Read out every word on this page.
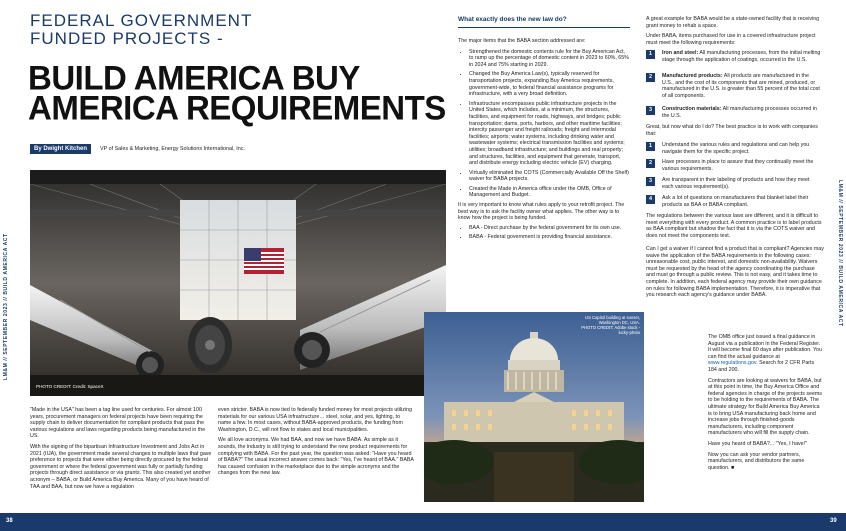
LM&M // SEPTEMBER 2023 // BUILD AMERICA ACT	LM&M // SEPTEMBER 2023 // BUILD AMERICA ACT
FEDERAL GOVERNMENT
FUNDED PROJECTS -
BUILD AMERICA BUY
AMERICA REQUIREMENTS
By Dwight Kitchen	VP of Sales & Marketing, Energy Solutions International, Inc.
PHOTO CREDIT: Credit: SpaceX

"Made in the USA" has been a tag line used for centuries. For almost 100 years, procurement managers on federal projects have been requiring the supply chain to deliver documentation for compliant products that pass the various regulations and laws regarding products being manufactured in the US.

With the signing of the bipartisan Infrastructure Investment and Jobs Act in 2021 (IIJA), the government made several changes to multiple laws that gave preference to projects that were either being directly procured by the federal government or where the federal government was fully or partially funding projects through direct assistance or via grants. This also created yet another acronym – BABA, or Build America Buy America. Many of you have heard of TAA and BAA, but now we have a regulation

even stricter. BABA is now tied to federally funded money for most projects utilizing materials for our various USA infrastructure… steel, solar, and yes, lighting, to name a few. In most cases, without BABA-approved products, the funding from Washington, D.C., will not flow to states and local municipalities.

We all love acronyms. We had BAA, and now we have BABA. As simple as it sounds, the industry is still trying to understand the new product requirements for complying with BABA. For the past year, the question was asked: "Have you heard of BABA?" The usual incorrect answer comes back: "Yes, I've heard of BAA." BABA has caused confusion in the marketplace due to the simple acronyms and the changes from the new law.

What exactly does the new law do?

The major items that the BABA section addressed are:

• Strengthened the domestic contents rule for the Buy American Act, to ramp up the percentage of domestic content in 2023 to 60%, 65% in 2024 and 75% starting in 2029.
• Changed the Buy America Law(s), typically reserved for transportation projects, expanding Buy America requirements, government-wide, to federal financial assistance programs for infrastructure, with a very broad definition.
• Infrastructure encompasses public infrastructure projects in the United States, which includes, at a minimum, the structures, facilities, and equipment for roads, highways, and bridges; public transportation; dams, ports, harbors, and other maritime facilities; intercity passenger and freight railroads; freight and intermodal facilities; airports; water systems, including drinking water and wastewater systems; electrical transmission facilities and systems; utilities; broadband infrastructure; and buildings and real property; and structures, facilities, and equipment that generate, transport, and distribute energy including electric vehicle (EV) charging.
• Virtually eliminated the COTS (Commercially Available Off the Shelf) waiver for BABA projects.
• Created the Made in America office under the OMB, Office of Management and Budget.

It is very important to know what rules apply to your retrofit project. The best way is to ask the facility owner what applies. The other way is to know how the project is being funded.

• BAA - Direct purchase by the federal government for its own use.
• BABA - Federal government is providing financial assistance.
US Capitol building at sunset, Washington DC, USA.
PHOTO CREDIT: Adobe stock - lucky-photo

A great example for BABA would be a state-owned facility that is receiving grant money to rehab a space.

Under BABA, items purchased for use in a covered infrastructure project must meet the following requirements:

1	Iron and steel: All manufacturing processes, from the initial melting stage through the application of coatings, occurred in the U.S.
2	Manufactured products: All products are manufactured in the U.S., and the cost of its components that are mined, produced, or manufactured in the U.S. is greater than 55 percent of the total cost of all components.
3	Construction materials: All manufacturing processes occurred in the U.S.
Great, but now what do I do? The best practice is to work with companies that:
1	Understand the various rules and regulations and can help you navigate them for the specific project.
2	Have processes in place to assure that they continually meet the various requirements.
3	Are transparent in their labeling of products and how they meet each various requirement(s).
4	Ask a lot of questions on manufacturers that blanket label their products as BAA or BABA compliant.

The regulations between the various laws are different, and it is difficult to meet everything with every product. A common practice is to label products as BAA compliant but shadow the fact that it is via the COTS waiver and does not meet the components test.

Can I get a waiver if I cannot find a product that is compliant? Agencies may waive the application of the BABA requirements in the following cases: unreasonable cost, public interest, and domestic non-availability. Waivers must be requested by the head of the agency coordinating the purchase and must go through a public review. This is not easy, and it takes time to complete. In addition, each federal agency may provide their own guidance on rules for following BABA implementation. Therefore, it is imperative that you research each agency's guidance under BABA.

The OMB office just issued a final guidance in August via a publication in the Federal Register. It will become final 60 days after publication. You can find the actual guidance at www.regulations.gov. Search for 2 CFR Parts 184 and 200.

Contractors are looking at waivers for BABA, but at this point in time, the Buy America Office and federal agencies in charge of the projects seems to be holding to the requirements of BABA. The ultimate strategy for Build America Buy America is to bring USA manufacturing back home and increase jobs through finished-goods manufacturers, including component manufacturers who will fill the supply chain.

Have you heard of BABA?... "Yes, I have!"

Now you can ask your vendor partners, manufacturers, and distributors the same question. ■

38	39
